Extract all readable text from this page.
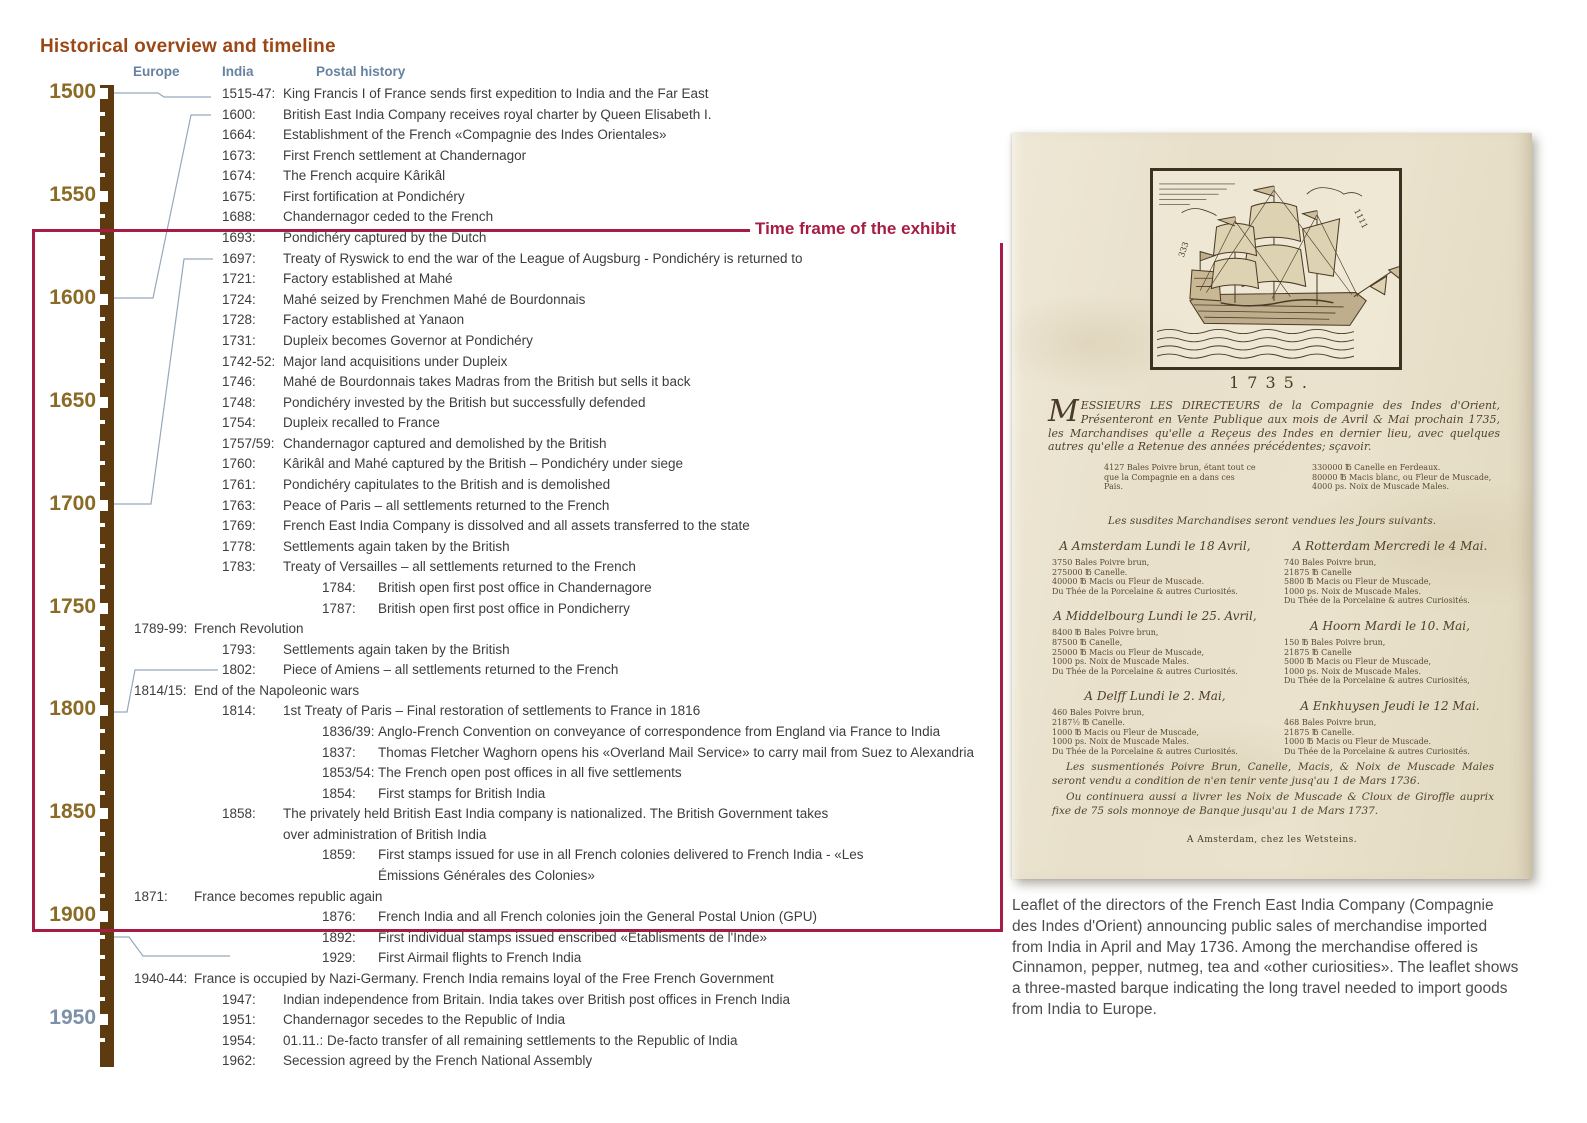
Historical overview and timeline
Europe	India	Postal history
1500
1550
1600
1650
1700
1750
1800
1850
1900
1950
Time frame of the exhibit
1515-47: King Francis I of France sends first expedition to India and the Far East
1600: British East India Company receives royal charter by Queen Elisabeth I.
1664: Establishment of the French «Compagnie des Indes Orientales»
1673: First French settlement at Chandernagor
1674: The French acquire Kârikâl
1675: First fortification at Pondichéry
1688: Chandernagor ceded to the French
1693: Pondichéry captured by the Dutch
1697: Treaty of Ryswick to end the war of the League of Augsburg - Pondichéry is returned to
1721: Factory established at Mahé
1724: Mahé seized by Frenchmen Mahé de Bourdonnais
1728: Factory established at Yanaon
1731: Dupleix becomes Governor at Pondichéry
1742-52: Major land acquisitions under Dupleix
1746: Mahé de Bourdonnais takes Madras from the British but sells it back
1748: Pondichéry invested by the British but successfully defended
1754: Dupleix recalled to France
1757/59: Chandernagor captured and demolished by the British
1760: Kârikâl and Mahé captured by the British – Pondichéry under siege
1761: Pondichéry capitulates to the British and is demolished
1763: Peace of Paris – all settlements returned to the French
1769: French East India Company is dissolved and all assets transferred to the state
1778: Settlements again taken by the British
1783: Treaty of Versailles – all settlements returned to the French
1784: British open first post office in Chandernagore
1787: British open first post office in Pondicherry
1789-99: French Revolution
1793: Settlements again taken by the British
1802: Piece of Amiens – all settlements returned to the French
1814/15: End of the Napoleonic wars
1814: 1st Treaty of Paris – Final restoration of settlements to France in 1816
1836/39: Anglo-French Convention on conveyance of correspondence from England via France to India
1837: Thomas Fletcher Waghorn opens his «Overland Mail Service» to carry mail from Suez to Alexandria
1853/54: The French open post offices in all five settlements
1854: First stamps for British India
1858: The privately held British East India company is nationalized. The British Government takes
over administration of British India
1859: First stamps issued for use in all French colonies delivered to French India - «Les
Émissions Générales des Colonies»
1871: France becomes republic again
1876: French India and all French colonies join the General Postal Union (GPU)
1892: First individual stamps issued enscribed «Etablisments de l'Inde»
1929: First Airmail flights to French India
1940-44: France is occupied by Nazi-Germany. French India remains loyal of the Free French Government
1947: Indian independence from Britain. India takes over British post offices in French India
1951: Chandernagor secedes to the Republic of India
1954: 01.11.: De-facto transfer of all remaining settlements to the Republic of India
1962: Secession agreed by the French National Assembly
333
1111
1735.
MESSIEURS LES DIRECTEURS de la Compagnie des Indes d'Orient, Présenteront en Vente Publique aux mois de Avril & Mai prochain 1735, les Marchandises qu'elle a Reçeus des Indes en dernier lieu, avec quelques autres qu'elle a Retenue des années précédentes; sçavoir.
4127 Bales Poivre brun, étant tout ce
que la Compagnie en a dans ces
Pais.
330000 ℔ Canelle en Ferdeaux.
80000 ℔ Macis blanc, ou Fleur de Muscade,
4000 ps. Noix de Muscade Males.
Les susdites Marchandises seront vendues les Jours suivants.
A Amsterdam Lundi le 18 Avril,
3750 Bales Poivre brun,
275000 ℔ Canelle.
40000 ℔ Macis ou Fleur de Muscade.
Du Thée de la Porcelaine & autres Curiosités.
A Middelbourg Lundi le 25. Avril,
8400 ℔ Bales Poivre brun,
87500 ℔ Canelle,
25000 ℔ Macis ou Fleur de Muscade,
1000 ps. Noix de Muscade Males.
Du Thée de la Porcelaine & autres Curiosités.
A Delff Lundi le 2. Mai,
460 Bales Poivre brun,
2187½ ℔ Canelle.
1000 ℔ Macis ou Fleur de Muscade,
1000 ps. Noix de Muscade Males.
Du Thée de la Porcelaine & autres Curiosités.
A Rotterdam Mercredi le 4 Mai.
740 Bales Poivre brun,
21875 ℔ Canelle
5800 ℔ Macis ou Fleur de Muscade,
1000 ps. Noix de Muscade Males.
Du Thée de la Porcelaine & autres Curiosités.
A Hoorn Mardi le 10. Mai,
150 ℔ Bales Poivre brun,
21875 ℔ Canelle
5000 ℔ Macis ou Fleur de Muscade,
1000 ps. Noix de Muscade Males.
Du Thée de la Porcelaine & autres Curiosités,
A Enkhuysen Jeudi le 12 Mai.
468 Bales Poivre brun,
21875 ℔ Canelle.
1000 ℔ Macis ou Fleur de Muscade.
Du Thée de la Porcelaine & autres Curiosités.

Les susmentionés Poivre Brun, Canelle, Macis, & Noix de Muscade Males seront vendu a condition de n'en tenir vente jusq'au 1 de Mars 1736.

Ou continuera aussi a livrer les Noix de Muscade & Cloux de Giroffle auprix fixe de 75 sols monnoye de Banque jusqu'au 1 de Mars 1737.

A Amsterdam, chez les Wetsteins.
Leaflet of the directors of the French East India Company (Compagnie des Indes d'Orient) announcing public sales of merchandise imported from India in April and May 1736. Among the merchandise offered is Cinnamon, pepper, nutmeg, tea and «other curiosities». The leaflet shows a three-masted barque indicating the long travel needed to import goods from India to Europe.
